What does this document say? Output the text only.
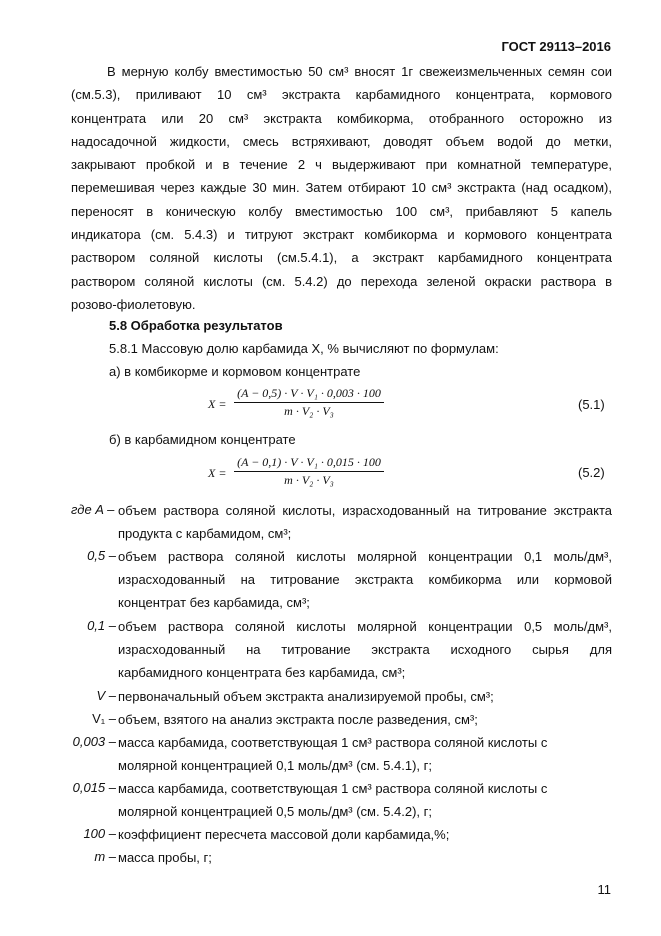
ГОСТ 29113–2016
В мерную колбу вместимостью 50 см³ вносят 1г свежеизмельченных семян сои
(см.5.3), приливают 10 см³ экстракта карбамидного концентрата, кормового
концентрата или 20 см³ экстракта комбикорма, отобранного осторожно из
надосадочной жидкости, смесь встряхивают, доводят объем водой до метки,
закрывают пробкой и в течение 2 ч выдерживают при комнатной температуре,
перемешивая через каждые 30 мин. Затем отбирают 10 см³ экстракта (над осадком),
переносят в коническую колбу вместимостью 100 см³, прибавляют 5 капель
индикатора (см. 5.4.3) и титруют экстракт комбикорма и кормового концентрата
раствором соляной кислоты (см.5.4.1), а экстракт карбамидного концентрата
раствором соляной кислоты (см. 5.4.2) до перехода зеленой окраски раствора в
розово-фиолетовую.
5.8 Обработка результатов
5.8.1 Массовую долю карбамида X, % вычисляют по формулам:
а) в комбикорме и кормовом концентрате
$X = \frac{\text{(A − 0,5) · V · V₁ · 0,003 · 100}}{\text{m · V₂ · V₃}}$	(5.1)
б) в карбамидном концентрате
$X = \frac{\text{(A − 0,1) · V · V₁ · 0,015 · 100}}{\text{m · V₂ · V₃}}$	(5.2)
где A – объем раствора соляной кислоты, израсходованный на титрование экстракта
продукта с карбамидом, см³;
0,5 – объем раствора соляной кислоты молярной концентрации 0,1 моль/дм³,
израсходованный на титрование экстракта комбикорма или кормовой
концентрат без карбамида, см³;
0,1 – объем раствора соляной кислоты молярной концентрации 0,5 моль/дм³,
израсходованный на титрование экстракта исходного сырья для
карбамидного концентрата без карбамида, см³;
V – первоначальный объем экстракта анализируемой пробы, см³;
V₁ – объем, взятого на анализ экстракта после разведения, см³;
0,003 – масса карбамида, соответствующая 1 см³ раствора соляной кислоты с
молярной концентрацией 0,1 моль/дм³ (см. 5.4.1), г;
0,015 – масса карбамида, соответствующая 1 см³ раствора соляной кислоты с
молярной концентрацией 0,5 моль/дм³ (см. 5.4.2), г;
100 – коэффициент пересчета массовой доли карбамида,%;
m – масса пробы, г;
11
